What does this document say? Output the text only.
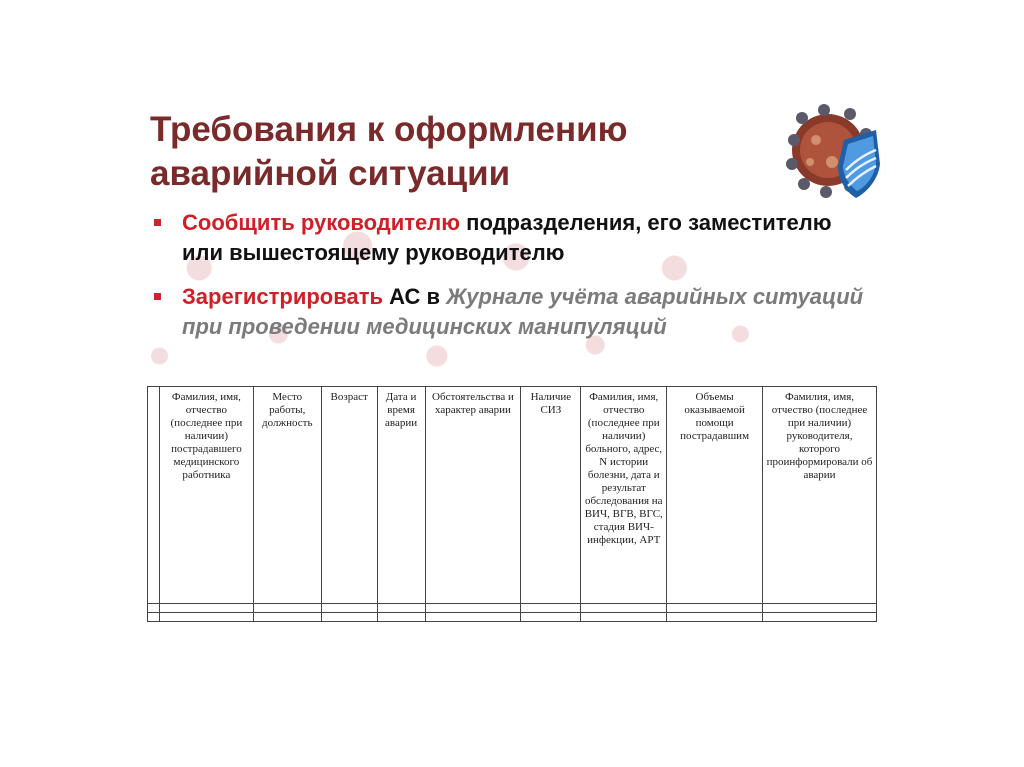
Требования к оформлению
аварийной ситуации
Сообщить руководителю подразделения, его заместителю или вышестоящему руководителю
Зарегистрировать АС в Журнале учёта аварийных ситуаций при проведении медицинских манипуляций
	Фамилия, имя, отчество (последнее при наличии) пострадавшего медицинского работника	Место работы, должность	Возраст	Дата и время аварии	Обстоятельства и характер аварии	Наличие СИЗ	Фамилия, имя, отчество (последнее при наличии) больного, адрес, N истории болезни, дата и результат обследования на ВИЧ, ВГВ, ВГС, стадия ВИЧ-инфекции, АРТ	Объемы оказываемой помощи пострадавшим	Фамилия, имя, отчество (последнее при наличии) руководителя, которого проинформировали об аварии
